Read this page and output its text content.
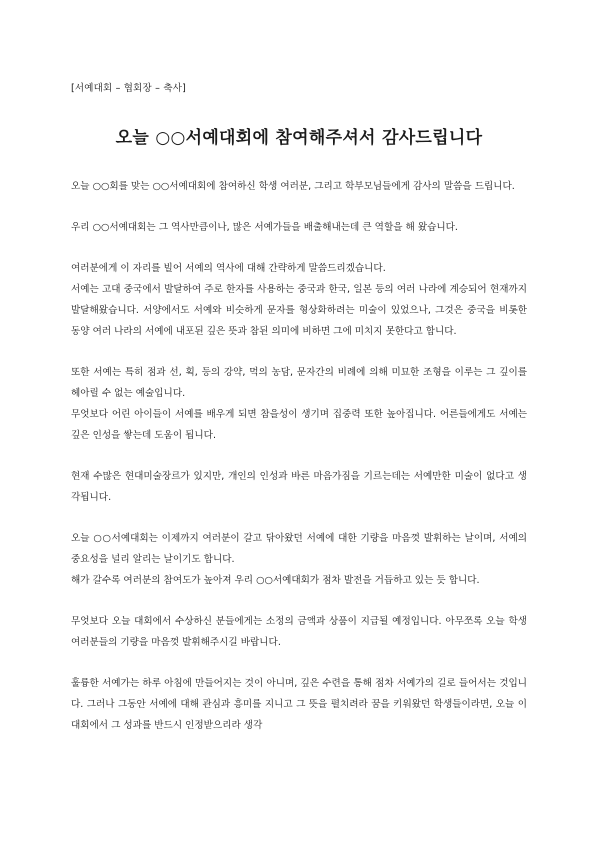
[서예대회 – 협회장 – 축사]
오늘 ○○서예대회에 참여해주셔서 감사드립니다

오늘 ○○회를 맞는 ○○서예대회에 참여하신 학생 여러분, 그리고 학부모님들에게 감사의 말씀을 드립니다.

우리 ○○서예대회는 그 역사만큼이나, 많은 서예가들을 배출해내는데 큰 역할을 해 왔습니다.

여러분에게 이 자리를 빌어 서예의 역사에 대해 간략하게 말씀드리겠습니다.
서예는 고대 중국에서 발달하여 주로 한자를 사용하는 중국과 한국, 일본 등의 여러 나라에 계승되어 현재까지 발달해왔습니다. 서양에서도 서예와 비슷하게 문자를 형상화하려는 미술이 있었으나, 그것은 중국을 비롯한 동양 여러 나라의 서예에 내포된 깊은 뜻과 참된 의미에 비하면 그에 미치지 못한다고 합니다.

또한 서예는 특히 점과 선, 획, 등의 강약, 먹의 농담, 문자간의 비례에 의해 미묘한 조형을 이루는 그 깊이를 헤아릴 수 없는 예술입니다.
무엇보다 어린 아이들이 서예를 배우게 되면 참을성이 생기며 집중력 또한 높아집니다. 어른들에게도 서예는 깊은 인성을 쌓는데 도움이 됩니다.

현재 수많은 현대미술장르가 있지만, 개인의 인성과 바른 마음가짐을 기르는데는 서예만한 미술이 없다고 생각됩니다.

오늘 ○○서예대회는 이제까지 여러분이 갈고 닦아왔던 서예에 대한 기량을 마음껏 발휘하는 날이며, 서예의 중요성을 널리 알리는 날이기도 합니다.
해가 갈수록 여러분의 참여도가 높아져 우리 ○○서예대회가 점차 발전을 거듭하고 있는 듯 합니다.

무엇보다 오늘 대회에서 수상하신 분들에게는 소정의 금액과 상품이 지급될 예정입니다. 아무쪼록 오늘 학생 여러분들의 기량을 마음껏 발휘해주시길 바랍니다.

훌륭한 서예가는 하루 아침에 만들어지는 것이 아니며, 깊은 수련을 통해 점차 서예가의 길로 들어서는 것입니다. 그러나 그동안 서예에 대해 관심과 흥미를 지니고 그 뜻을 펼치려라 꿈을 키워왔던 학생들이라면, 오늘 이 대회에서 그 성과를 반드시 인정받으리라 생각
